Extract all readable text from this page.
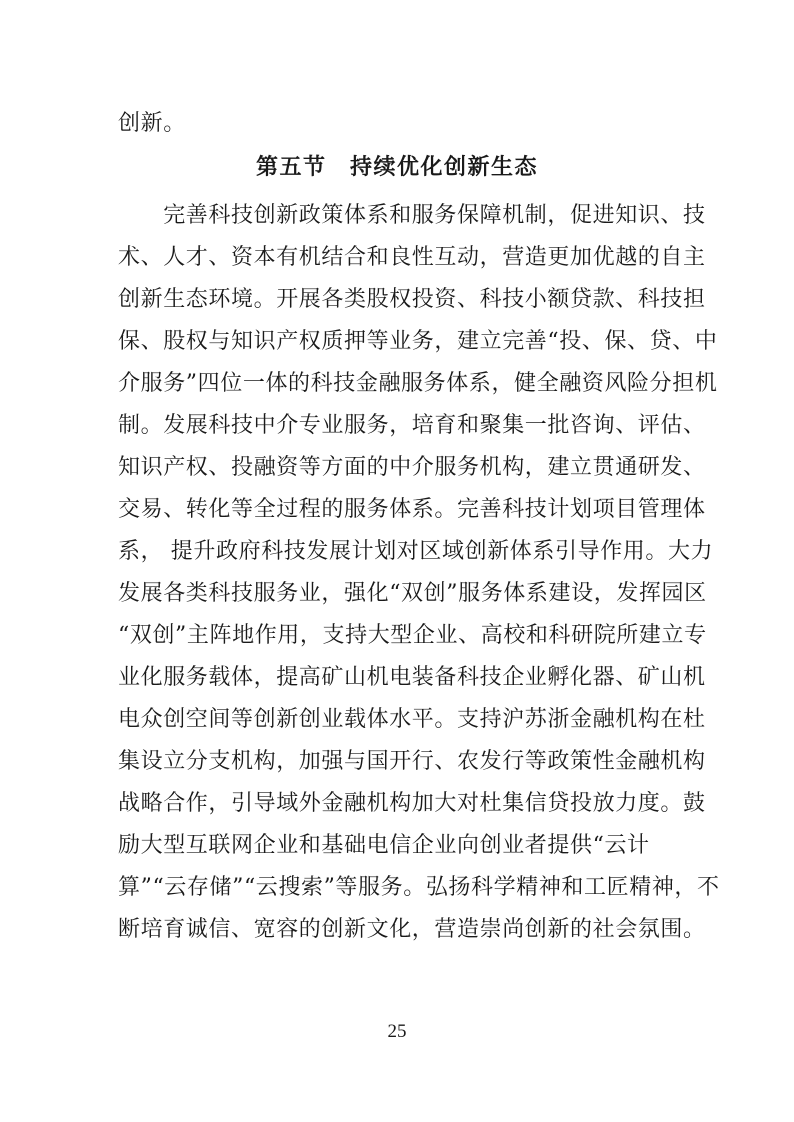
创新。
第五节　持续优化创新生态
　　完善科技创新政策体系和服务保障机制，促进知识、技
术、人才、资本有机结合和良性互动，营造更加优越的自主
创新生态环境。开展各类股权投资、科技小额贷款、科技担
保、股权与知识产权质押等业务，建立完善“投、保、贷、中
介服务”四位一体的科技金融服务体系，健全融资风险分担机
制。发展科技中介专业服务，培育和聚集一批咨询、评估、
知识产权、投融资等方面的中介服务机构，建立贯通研发、
交易、转化等全过程的服务体系。完善科技计划项目管理体
系， 提升政府科技发展计划对区域创新体系引导作用。大力
发展各类科技服务业，强化“双创”服务体系建设，发挥园区
“双创”主阵地作用，支持大型企业、高校和科研院所建立专
业化服务载体，提高矿山机电装备科技企业孵化器、矿山机
电众创空间等创新创业载体水平。支持沪苏浙金融机构在杜
集设立分支机构，加强与国开行、农发行等政策性金融机构
战略合作，引导域外金融机构加大对杜集信贷投放力度。鼓
励大型互联网企业和基础电信企业向创业者提供“云计
算”“云存储”“云搜索”等服务。弘扬科学精神和工匠精神，不
断培育诚信、宽容的创新文化，营造崇尚创新的社会氛围。
25
